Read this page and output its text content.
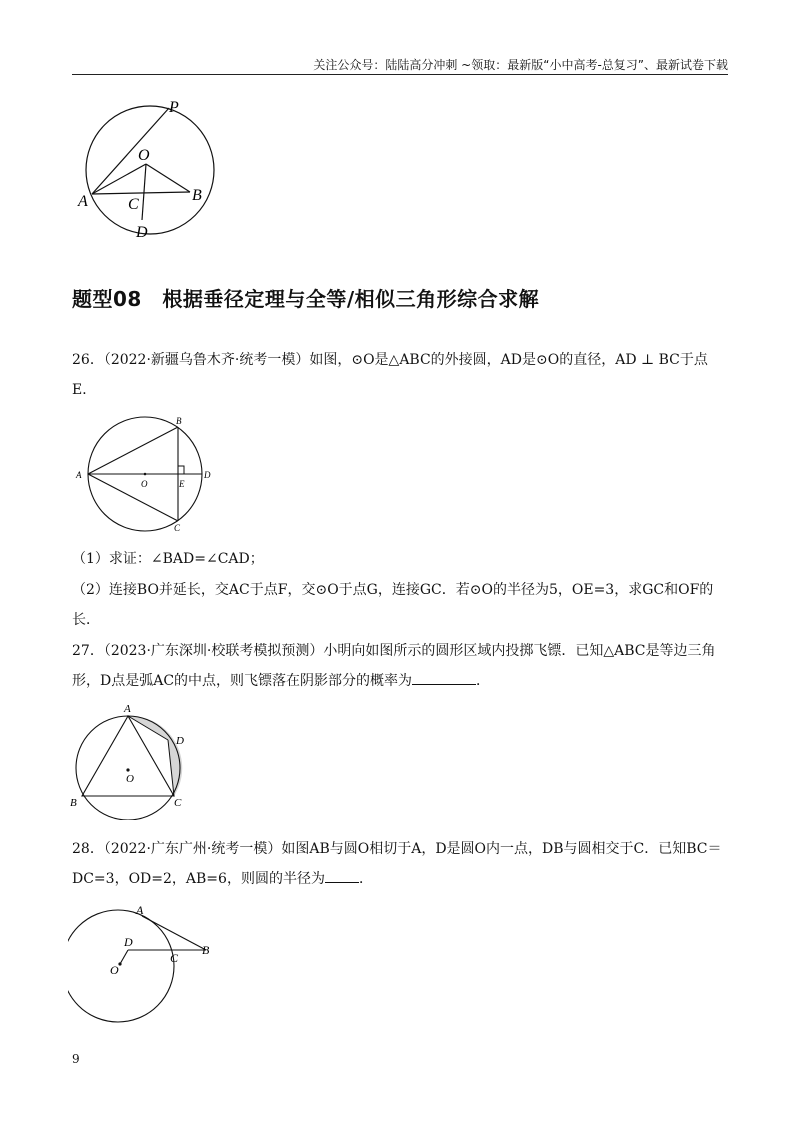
关注公众号：陆陆高分冲刺 ~领取：最新版“小中高考-总复习”、最新试卷下载
P
O
A	B
C
D
题型08　根据垂径定理与全等/相似三角形综合求解
26．（2022·新疆乌鲁木齐·统考一模）如图，⊙O是△ABC的外接圆，AD是⊙O的直径，AD ⊥ BC于点E．
A
B
C
D
O	E
（1）求证：∠BAD=∠CAD；
（2）连接BO并延长，交AC于点F，交⊙O于点G，连接GC．若⊙O的半径为5，OE=3，求GC和OF的长．
27．（2023·广东深圳·校联考模拟预测）小明向如图所示的圆形区域内投掷飞镖．已知△ABC是等边三角形，D点是弧AC的中点，则飞镖落在阴影部分的概率为	．
A
B	C
D
O
28．（2022·广东广州·统考一模）如图AB与圆O相切于A，D是圆O内一点，DB与圆相交于C．已知BC＝DC=3，OD=2，AB=6，则圆的半径为 ．
A
D
C
B
O
9
